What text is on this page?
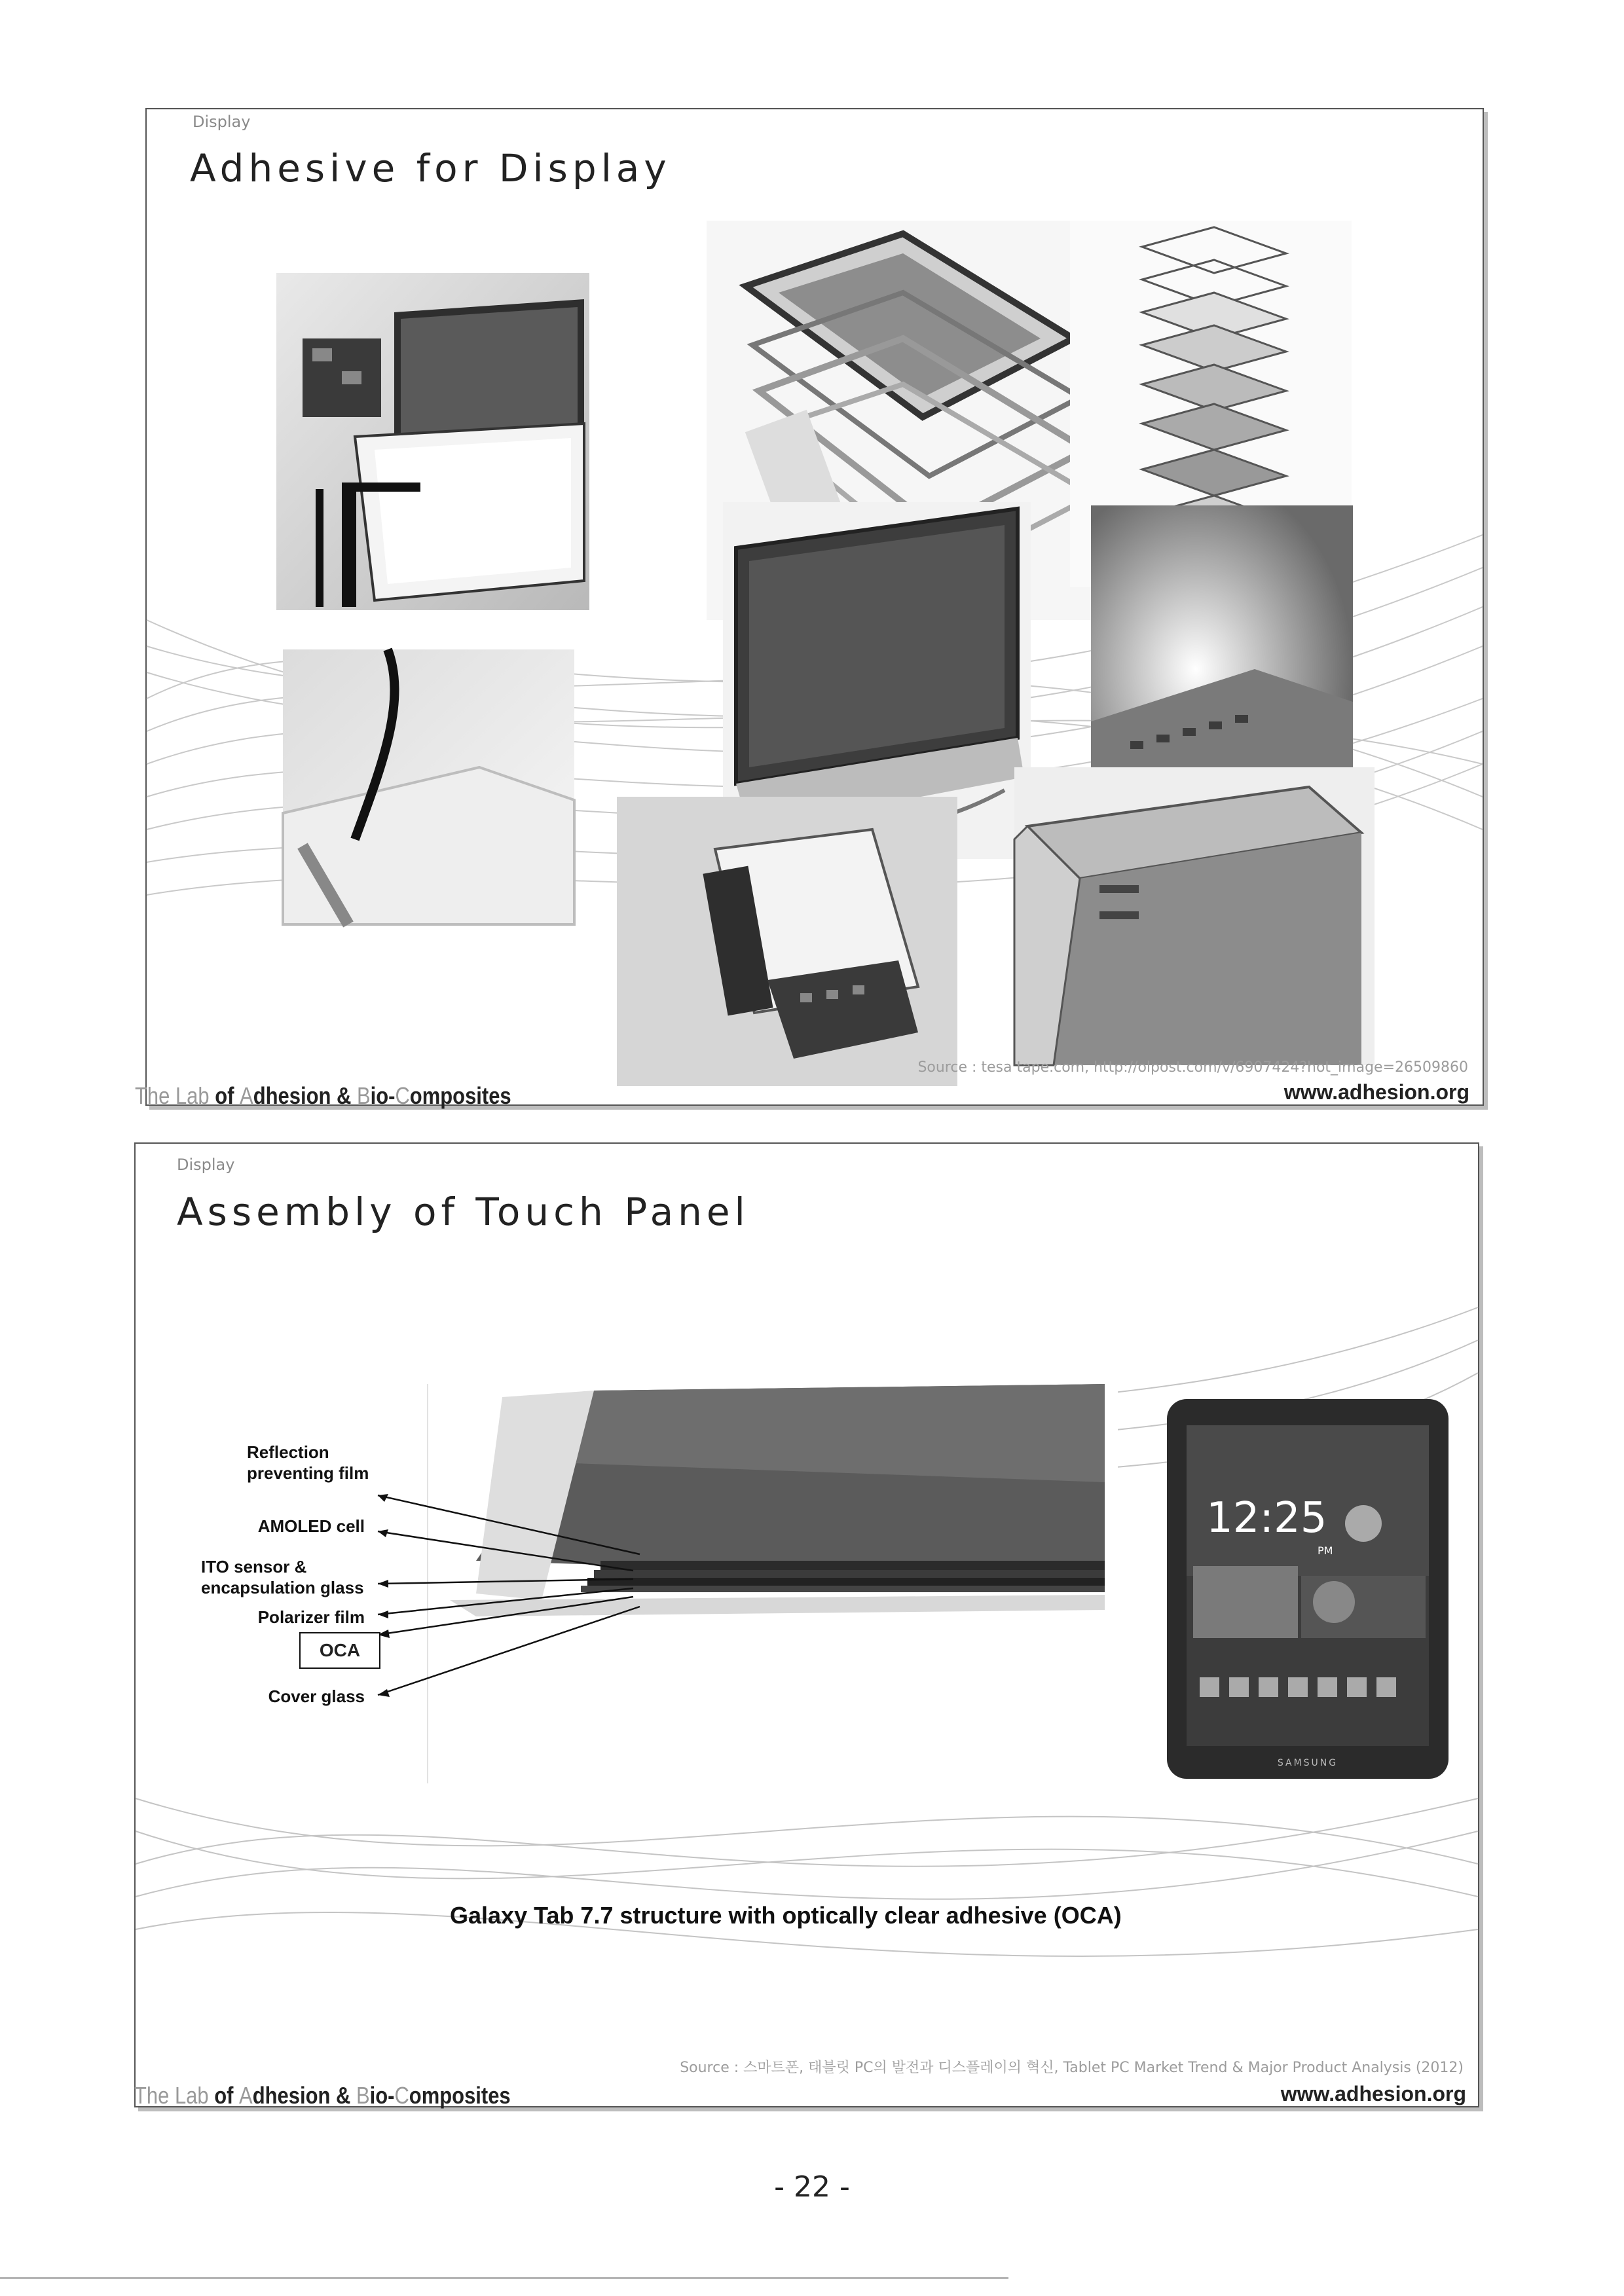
Display
Adhesive for Display
Source : tesa tape.com, http://olpost.com/v/6907424?hot_image=26509860
The Lab of Adhesion & Bio-Composites	www.adhesion.org
Display
Assembly of Touch Panel
Reflection preventing film
AMOLED cell
ITO sensor & encapsulation glass
Polarizer film
OCA
Cover glass
12:25
PM
SAMSUNG
Galaxy Tab 7.7 structure with optically clear adhesive (OCA)
Source : 스마트폰, 태블릿 PC의 발전과 디스플레이의 혁신, Tablet PC Market Trend & Major Product Analysis (2012)
The Lab of Adhesion & Bio-Composites	www.adhesion.org
- 22 -
